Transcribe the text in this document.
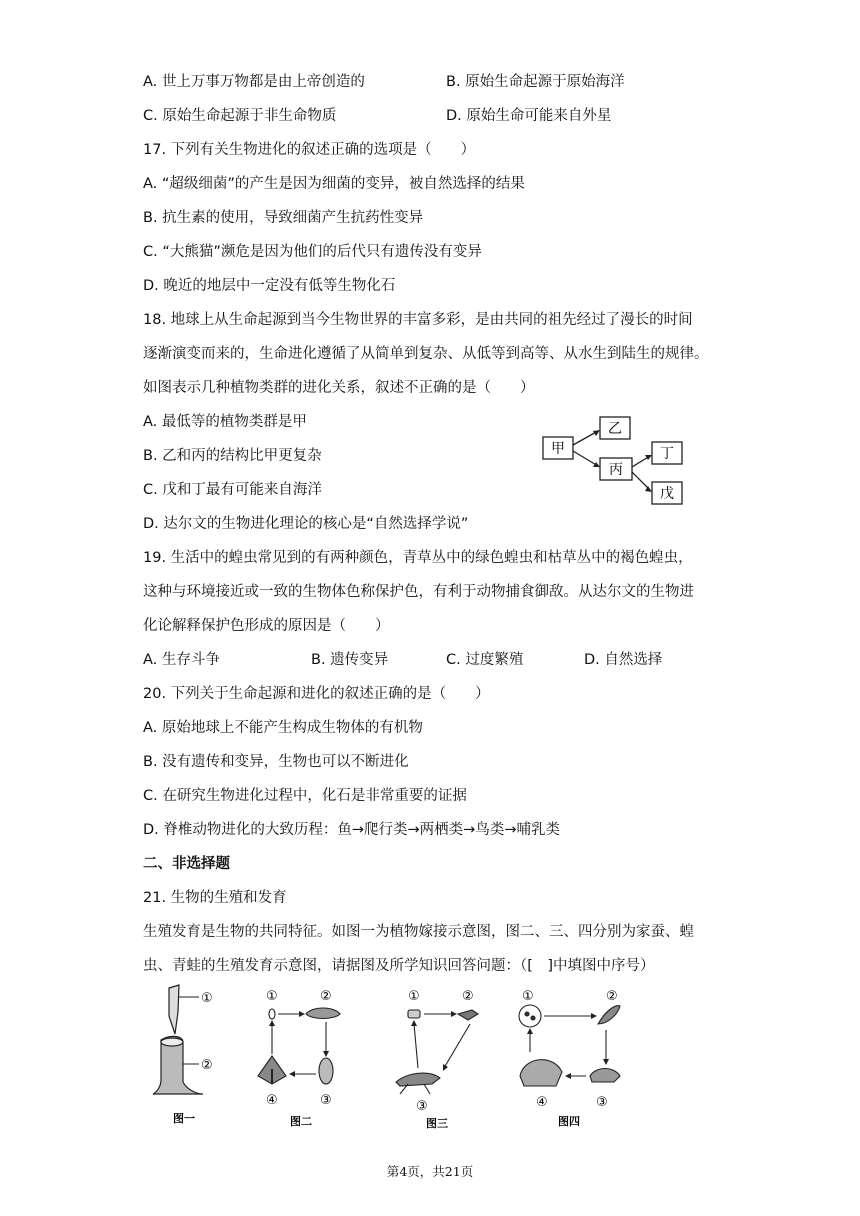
A. 世上万事万物都是由上帝创造的	B. 原始生命起源于原始海洋
C. 原始生命起源于非生命物质	D. 原始生命可能来自外星
17. 下列有关生物进化的叙述正确的选项是（　　）
A. “超级细菌”的产生是因为细菌的变异，被自然选择的结果
B. 抗生素的使用，导致细菌产生抗药性变异
C. “大熊猫”濒危是因为他们的后代只有遗传没有变异
D. 晚近的地层中一定没有低等生物化石
18. 地球上从生命起源到当今生物世界的丰富多彩，是由共同的祖先经过了漫长的时间
逐渐演变而来的，生命进化遵循了从简单到复杂、从低等到高等、从水生到陆生的规律。
如图表示几种植物类群的进化关系，叙述不正确的是（　　）
A. 最低等的植物类群是甲
B. 乙和丙的结构比甲更复杂
C. 戊和丁最有可能来自海洋
D. 达尔文的生物进化理论的核心是“自然选择学说”
甲
乙
丙
丁
戊
19. 生活中的蝗虫常见到的有两种颜色，青草丛中的绿色蝗虫和枯草丛中的褐色蝗虫，
这种与环境接近或一致的生物体色称保护色，有利于动物捕食御敌。从达尔文的生物进
化论解释保护色形成的原因是（　　）
A. 生存斗争	B. 遗传变异	C. 过度繁殖	D. 自然选择
20. 下列关于生命起源和进化的叙述正确的是（　　）
A. 原始地球上不能产生构成生物体的有机物
B. 没有遗传和变异，生物也可以不断进化
C. 在研究生物进化过程中，化石是非常重要的证据
D. 脊椎动物进化的大致历程：鱼→爬行类→两栖类→鸟类→哺乳类
二、非选择题
21. 生物的生殖和发育
生殖发育是生物的共同特征。如图一为植物嫁接示意图，图二、三、四分别为家蚕、蝗
虫、青蛙的生殖发育示意图，请据图及所学知识回答问题：（[　]中填图中序号）
①
②
图一
①	②
③
④
图二
①	②
③
图三
①	②
③
④
图四
第4页，共21页
